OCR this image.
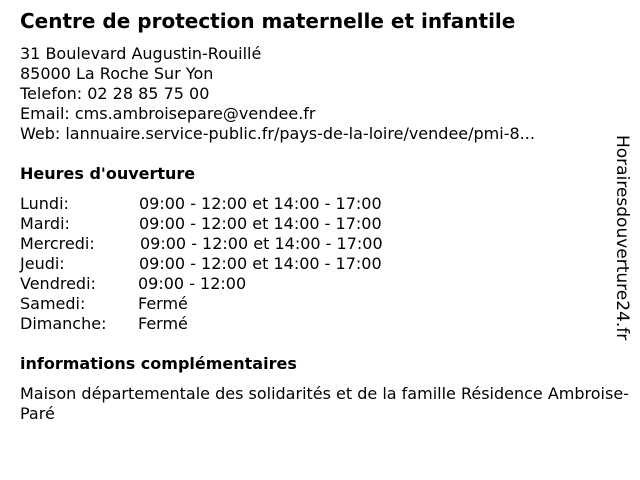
Centre de protection maternelle et infantile
31 Boulevard Augustin-Rouillé
85000 La Roche Sur Yon
Telefon: 02 28 85 75 00
Email: cms.ambroisepare@vendee.fr
Web: lannuaire.service-public.fr/pays-de-la-loire/vendee/pmi-8...
Heures d'ouverture
Lundi:	09:00 - 12:00 et 14:00 - 17:00
Mardi:	09:00 - 12:00 et 14:00 - 17:00
Mercredi:	09:00 - 12:00 et 14:00 - 17:00
Jeudi:	09:00 - 12:00 et 14:00 - 17:00
Vendredi:	09:00 - 12:00
Samedi:	Fermé
Dimanche: Fermé
informations complémentaires
Maison départementale des solidarités et de la famille Résidence Ambroise-Paré
Horairesdouverture24.fr
